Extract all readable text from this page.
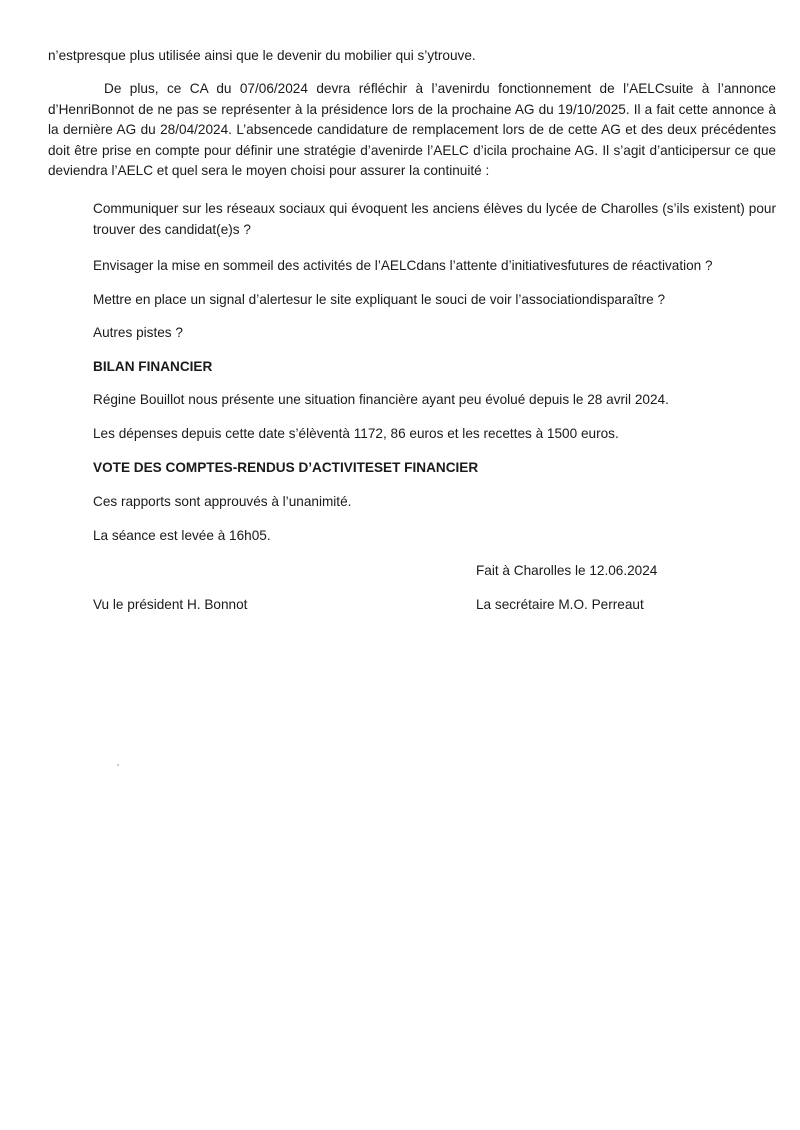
n’estpresque plus utilisée ainsi que le devenir du mobilier qui s’ytrouve.
De plus, ce CA du 07/06/2024 devra réfléchir à l’avenirdu fonctionnement de l’AELCsuite à l’annonce d’HenriBonnot de ne pas se représenter à la présidence lors de la prochaine AG du 19/10/2025. Il a fait cette annonce à la dernière AG du 28/04/2024. L’absencede candidature de remplacement lors de de cette AG et des deux précédentes doit être prise en compte pour définir une stratégie d’avenirde l’AELC d’icila prochaine AG. Il s’agit d’anticipersur ce que deviendra l’AELC et quel sera le moyen choisi pour assurer la continuité :
Communiquer sur les réseaux sociaux qui évoquent les anciens élèves du lycée de Charolles (s’ils existent) pour trouver des candidat(e)s ?
Envisager la mise en sommeil des activités de l’AELCdans l’attente d’initiativesfutures de réactivation ?
Mettre en place un signal d’alertesur le site expliquant le souci de voir l’associationdisparaître ?
Autres pistes ?
BILAN FINANCIER
Régine Bouillot nous présente une situation financière ayant peu évolué depuis le 28 avril 2024.
Les dépenses depuis cette date s’élèventà 1172, 86 euros et les recettes à 1500 euros.
VOTE DES COMPTES-RENDUS D’ACTIVITESET FINANCIER
Ces rapports sont approuvés à l’unanimité.
La séance est levée à 16h05.
Fait à Charolles le 12.06.2024
Vu le président H. Bonnot	La secrétaire M.O. Perreaut
